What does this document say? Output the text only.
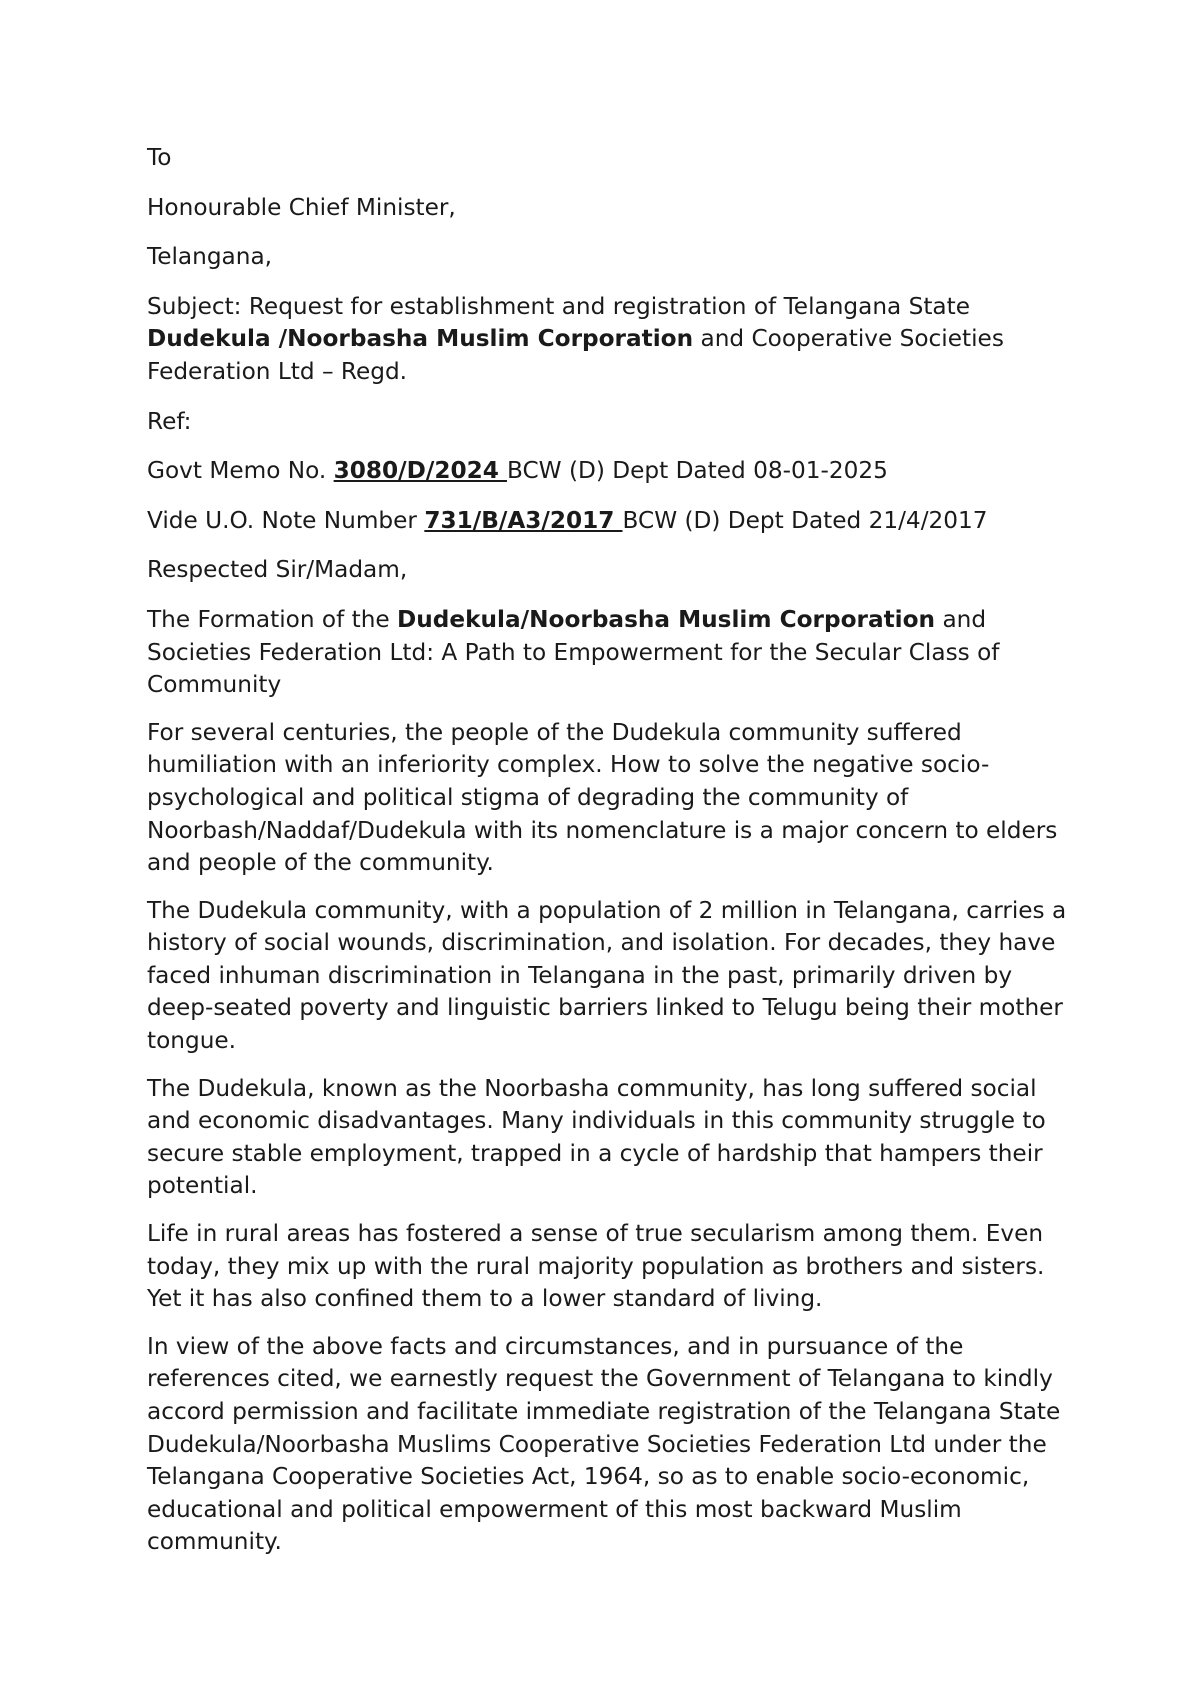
To

Honourable Chief Minister,

Telangana,

Subject: Request for establishment and registration of Telangana State Dudekula /Noorbasha Muslim Corporation and Cooperative Societies Federation Ltd – Regd.

Ref:

Govt Memo No. 3080/D/2024 BCW (D) Dept Dated 08-01-2025

Vide U.O. Note Number 731/B/A3/2017 BCW (D) Dept Dated 21/4/2017

Respected Sir/Madam,

The Formation of the Dudekula/Noorbasha Muslim Corporation and Societies Federation Ltd: A Path to Empowerment for the Secular Class of Community

For several centuries, the people of the Dudekula community suffered humiliation with an inferiority complex. How to solve the negative socio-psychological and political stigma of degrading the community of Noorbash/Naddaf/Dudekula with its nomenclature is a major concern to elders and people of the community.

The Dudekula community, with a population of 2 million in Telangana, carries a history of social wounds, discrimination, and isolation. For decades, they have faced inhuman discrimination in Telangana in the past, primarily driven by deep-seated poverty and linguistic barriers linked to Telugu being their mother tongue.

The Dudekula, known as the Noorbasha community, has long suffered social and economic disadvantages. Many individuals in this community struggle to secure stable employment, trapped in a cycle of hardship that hampers their potential.

Life in rural areas has fostered a sense of true secularism among them. Even today, they mix up with the rural majority population as brothers and sisters. Yet it has also confined them to a lower standard of living.

In view of the above facts and circumstances, and in pursuance of the references cited, we earnestly request the Government of Telangana to kindly accord permission and facilitate immediate registration of the Telangana State Dudekula/Noorbasha Muslims Cooperative Societies Federation Ltd under the Telangana Cooperative Societies Act, 1964, so as to enable socio-economic, educational and political empowerment of this most backward Muslim community.
